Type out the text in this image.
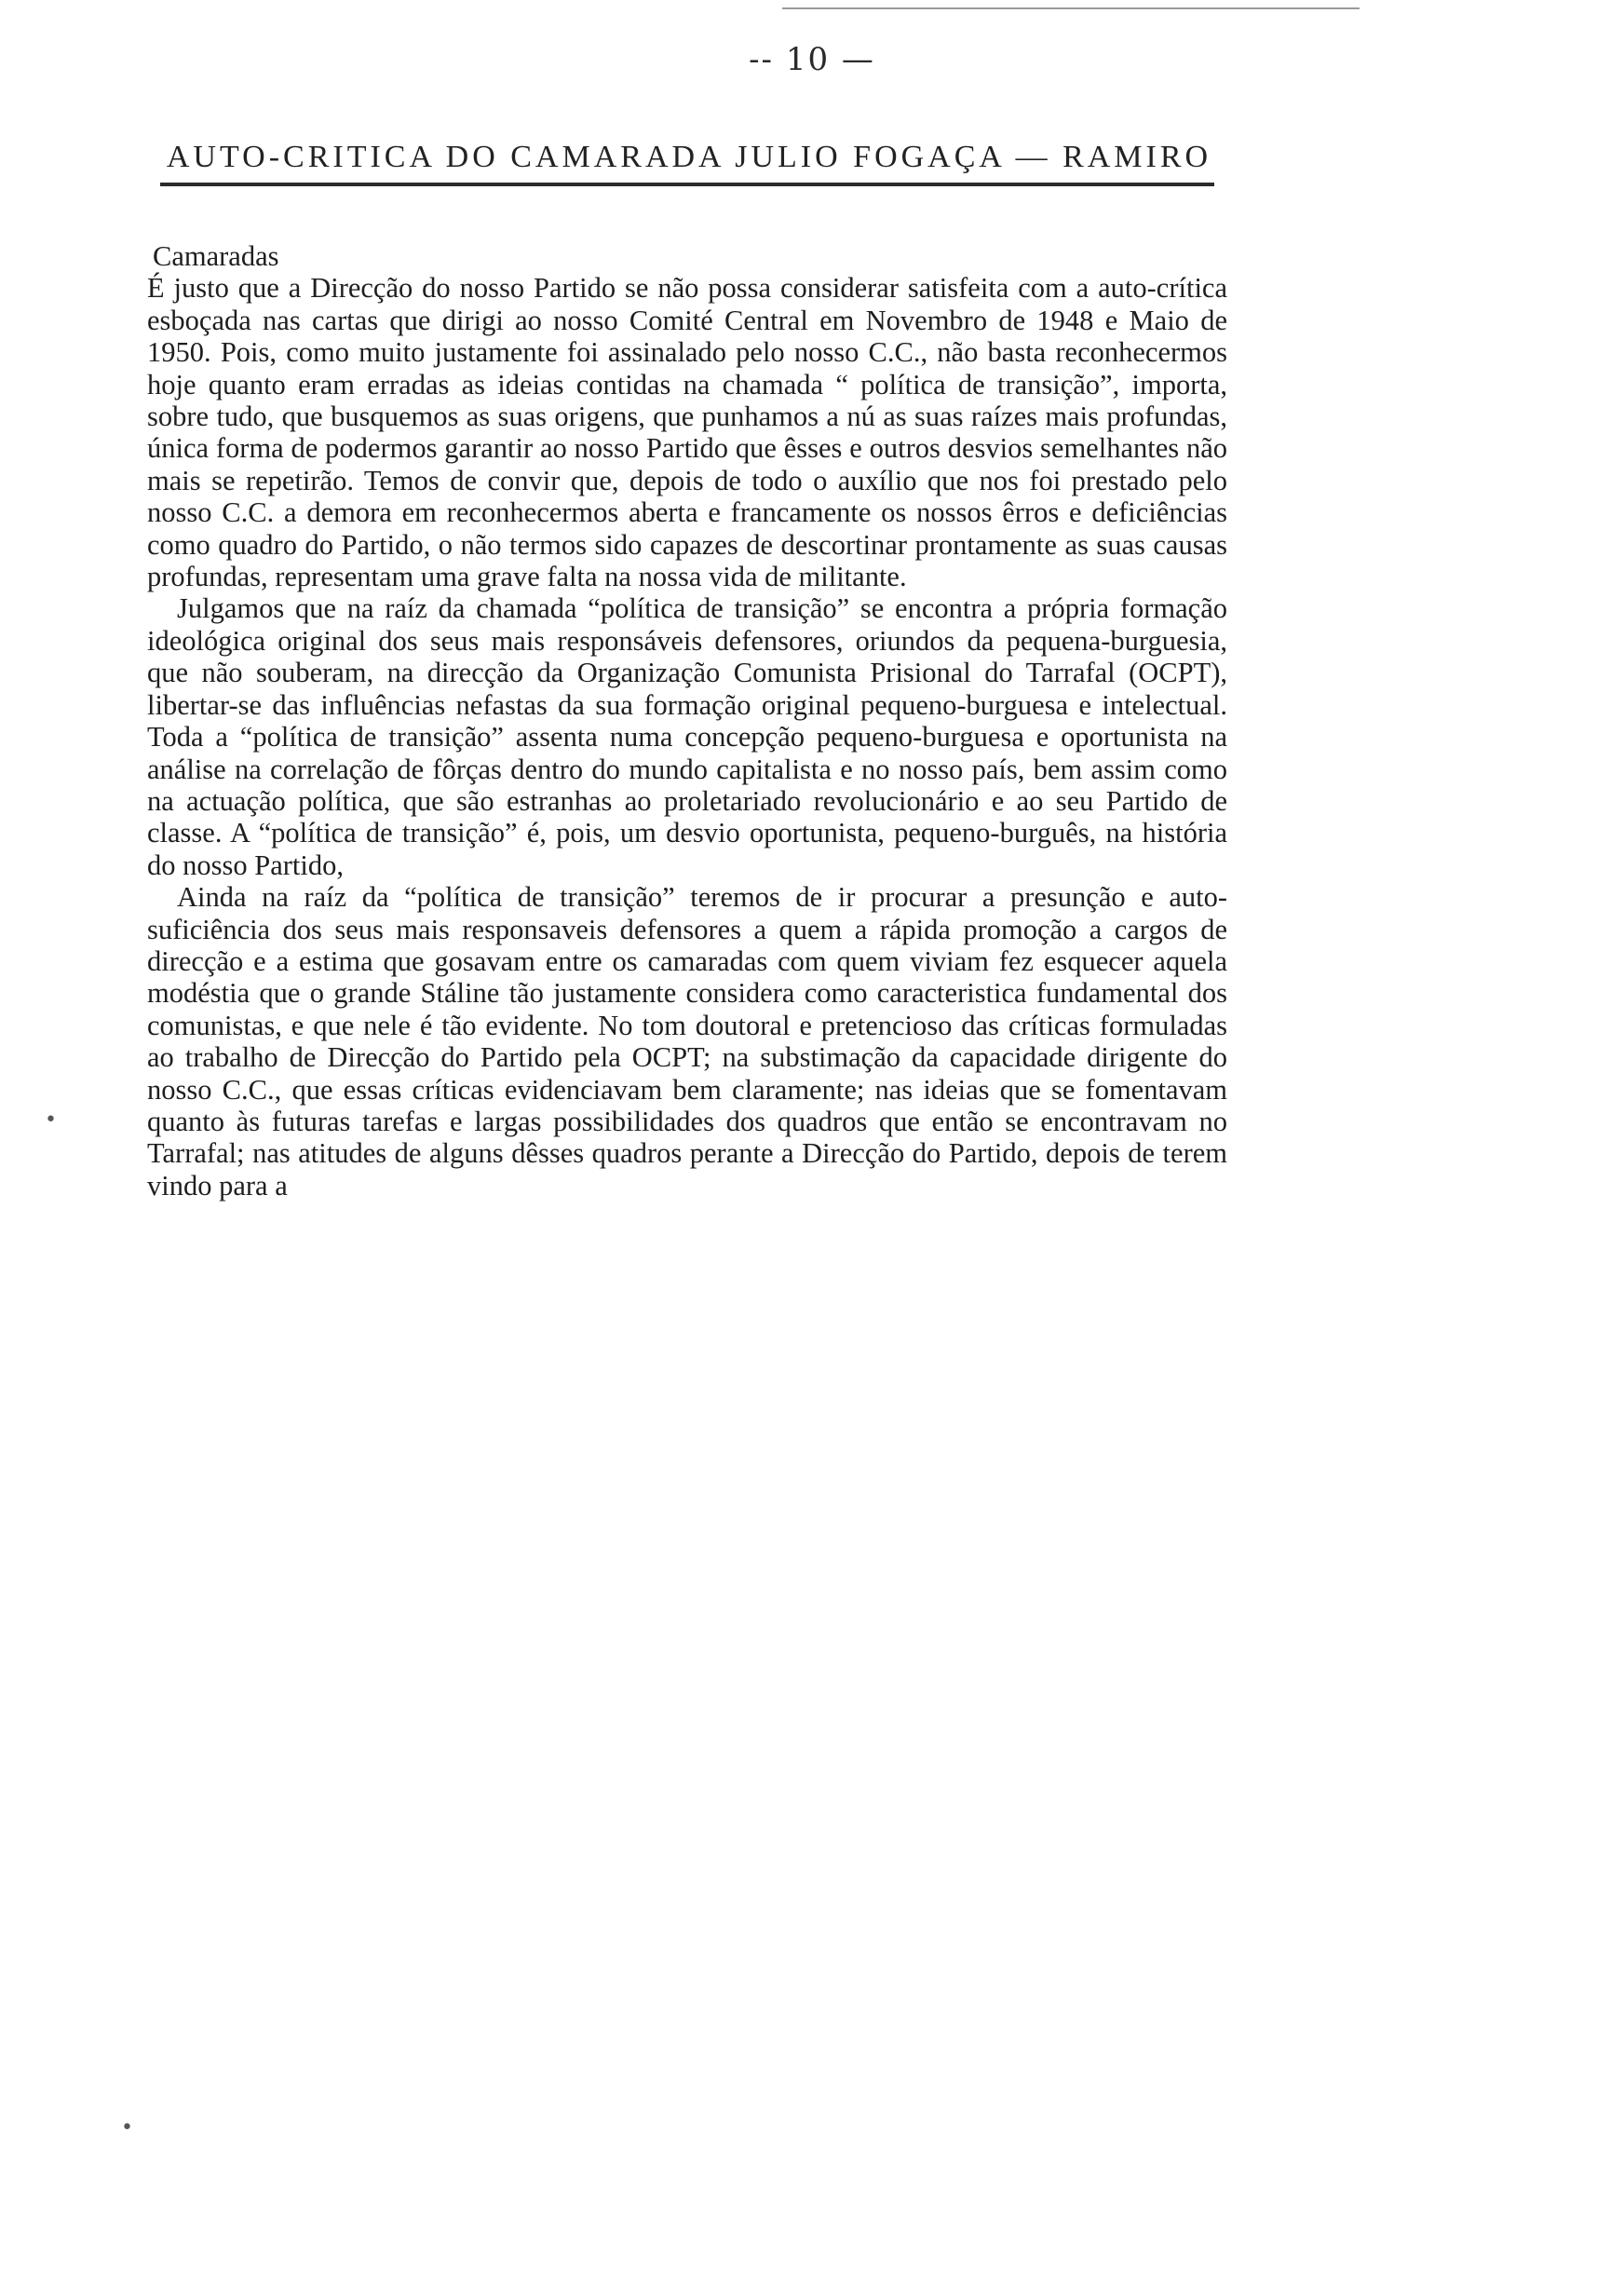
-- 10 —
AUTO-CRITICA DO CAMARADA JULIO FOGAÇA — RAMIRO

Camaradas

É justo que a Direcção do nosso Partido se não possa considerar satisfeita com a auto-crítica esboçada nas cartas que dirigi ao nosso Comité Central em Novembro de 1948 e Maio de 1950. Pois, como muito justamente foi assinalado pelo nosso C.C., não basta reconhecermos hoje quanto eram erradas as ideias contidas na chamada “ política de transição”, importa, sobre tudo, que busquemos as suas origens, que punhamos a nú as suas raízes mais profundas, única forma de podermos garantir ao nosso Partido que êsses e outros desvios semelhantes não mais se repetirão. Temos de convir que, depois de todo o auxílio que nos foi prestado pelo nosso C.C. a demora em reconhecermos aberta e francamente os nossos êrros e deficiências como quadro do Partido, o não termos sido capazes de descortinar prontamente as suas causas profundas, representam uma grave falta na nossa vida de militante.

Julgamos que na raíz da chamada “política de transição” se encontra a própria formação ideológica original dos seus mais responsáveis defensores, oriundos da pequena-burguesia, que não souberam, na direcção da Organização Comunista Prisional do Tarrafal (OCPT), libertar-se das influências nefastas da sua formação original pequeno-burguesa e intelectual. Toda a “política de transição” assenta numa concepção pequeno-burguesa e oportunista na análise na correlação de fôrças dentro do mundo capitalista e no nosso país, bem assim como na actuação política, que são estranhas ao proletariado revolucionário e ao seu Partido de classe. A “política de transição” é, pois, um desvio oportunista, pequeno-burguês, na história do nosso Partido,

Ainda na raíz da “política de transição” teremos de ir procurar a presunção e auto-suficiência dos seus mais responsaveis defensores a quem a rápida promoção a cargos de direcção e a estima que gosavam entre os camaradas com quem viviam fez esquecer aquela modéstia que o grande Stáline tão justamente considera como caracteristica fundamental dos comunistas, e que nele é tão evidente. No tom doutoral e pretencioso das críticas formuladas ao trabalho de Direcção do Partido pela OCPT; na substimação da capacidade dirigente do nosso C.C., que essas críticas evidenciavam bem claramente; nas ideias que se fomentavam quanto às futuras tarefas e largas possibilidades dos quadros que então se encontravam no Tarrafal; nas atitudes de alguns dêsses quadros perante a Direcção do Partido, depois de terem vindo para a

•
•
